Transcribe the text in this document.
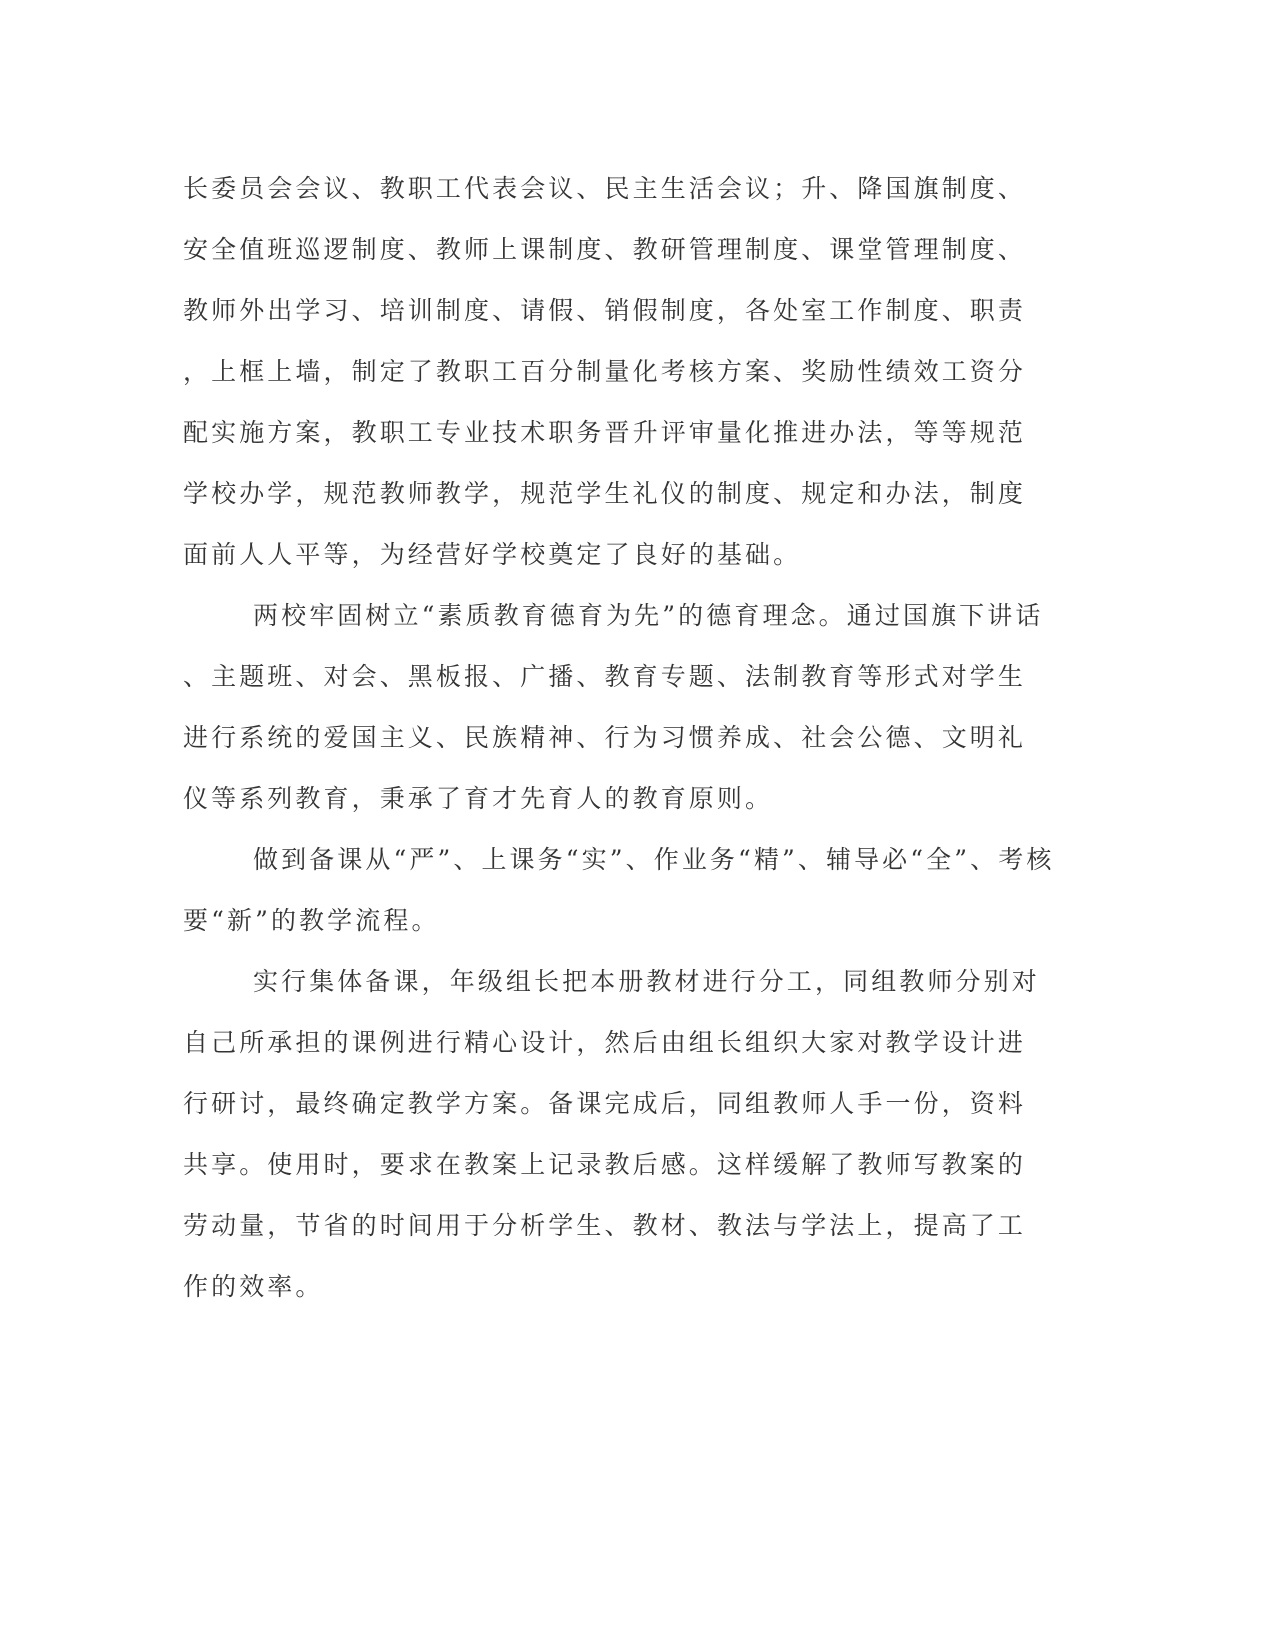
长委员会会议、教职工代表会议、民主生活会议；升、降国旗制度、
安全值班巡逻制度、教师上课制度、教研管理制度、课堂管理制度、
教师外出学习、培训制度、请假、销假制度，各处室工作制度、职责
，上框上墙，制定了教职工百分制量化考核方案、奖励性绩效工资分
配实施方案，教职工专业技术职务晋升评审量化推进办法，等等规范
学校办学，规范教师教学，规范学生礼仪的制度、规定和办法，制度
面前人人平等，为经营好学校奠定了良好的基础。
两校牢固树立“素质教育德育为先”的德育理念。通过国旗下讲话
、主题班、对会、黑板报、广播、教育专题、法制教育等形式对学生
进行系统的爱国主义、民族精神、行为习惯养成、社会公德、文明礼
仪等系列教育，秉承了育才先育人的教育原则。
做到备课从“严”、上课务“实”、作业务“精”、辅导必“全”、考核
要“新”的教学流程。
实行集体备课，年级组长把本册教材进行分工，同组教师分别对
自己所承担的课例进行精心设计，然后由组长组织大家对教学设计进
行研讨，最终确定教学方案。备课完成后，同组教师人手一份，资料
共享。使用时，要求在教案上记录教后感。这样缓解了教师写教案的
劳动量，节省的时间用于分析学生、教材、教法与学法上，提高了工
作的效率。
